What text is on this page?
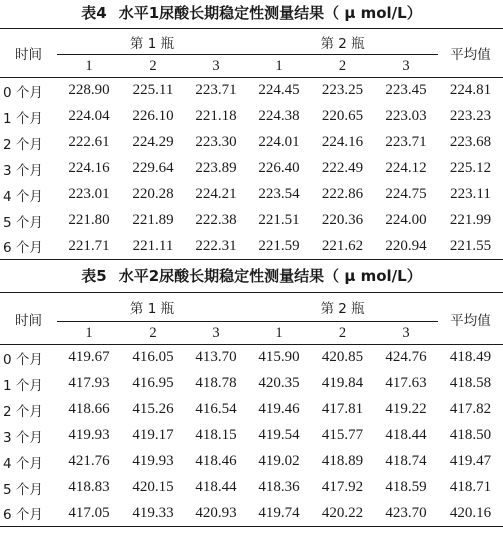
表4 水平1尿酸长期稳定性测量结果（ μ mol/L）
时间	第 1 瓶			第 2 瓶			平均值
	1	2	3	1	2	3	
0 个月	228.90	225.11	223.71	224.45	223.25	223.45	224.81
1 个月	224.04	226.10	221.18	224.38	220.65	223.03	223.23
2 个月	222.61	224.29	223.30	224.01	224.16	223.71	223.68
3 个月	224.16	229.64	223.89	226.40	222.49	224.12	225.12
4 个月	223.01	220.28	224.21	223.54	222.86	224.75	223.11
5 个月	221.80	221.89	222.38	221.51	220.36	224.00	221.99
6 个月	221.71	221.11	222.31	221.59	221.62	220.94	221.55
表5 水平2尿酸长期稳定性测量结果（ μ mol/L）
时间	第 1 瓶			第 2 瓶			平均值
	1	2	3	1	2	3	
0 个月	419.67	416.05	413.70	415.90	420.85	424.76	418.49
1 个月	417.93	416.95	418.78	420.35	419.84	417.63	418.58
2 个月	418.66	415.26	416.54	419.46	417.81	419.22	417.82
3 个月	419.93	419.17	418.15	419.54	415.77	418.44	418.50
4 个月	421.76	419.93	418.46	419.02	418.89	418.74	419.47
5 个月	418.83	420.15	418.44	418.36	417.92	418.59	418.71
6 个月	417.05	419.33	420.93	419.74	420.22	423.70	420.16
